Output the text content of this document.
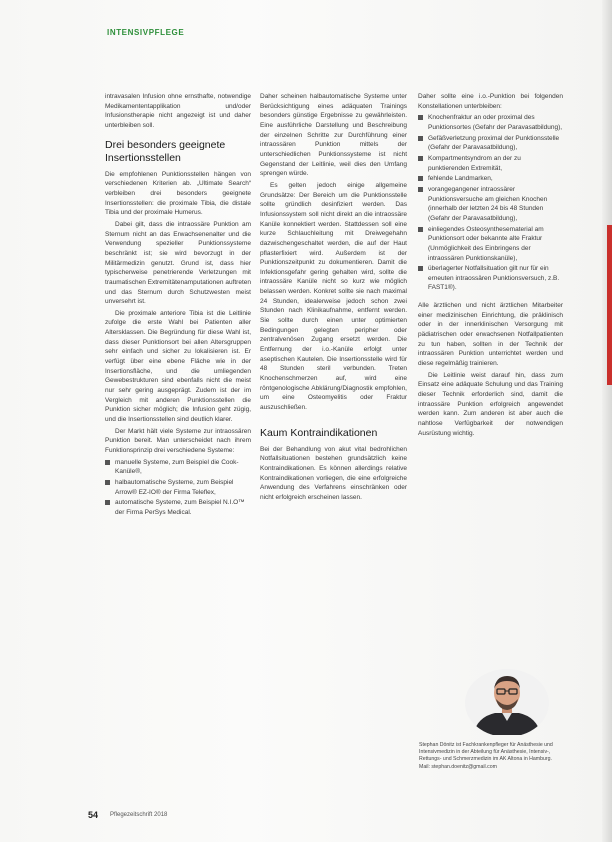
INTENSIVPFLEGE

intravasalen Infusion ohne ernsthafte, notwendige Medikamententapplikation und/oder Infusionstherapie nicht angezeigt ist und daher unterbleiben soll.

Drei besonders geeignete Insertionsstellen

Die empfohlenen Punktionsstellen hängen von verschiedenen Kriterien ab. „Ultimate Search“ verbleiben drei besonders geeignete Insertionsstellen: die proximale Tibia, die distale Tibia und der proximale Humerus.

Dabei gilt, dass die intraossäre Punktion am Sternum nicht an das Erwachsenenalter und die Verwendung spezieller Punktionssysteme beschränkt ist; sie wird bevorzugt in der Militärmedizin genutzt. Grund ist, dass hier typischerweise penetrierende Verletzungen mit traumatischen Extremitätenamputationen auftreten und das Sternum durch Schutzwesten meist unversehrt ist.

Die proximale anteriore Tibia ist die Leitlinie zufolge die erste Wahl bei Patienten aller Altersklassen. Die Begründung für diese Wahl ist, dass dieser Punktionsort bei allen Altersgruppen sehr einfach und sicher zu lokalisieren ist. Er verfügt über eine ebene Fläche wie in der Insertionsfläche, und die umliegenden Gewebestrukturen sind ebenfalls nicht die meist nur sehr gering ausgeprägt. Zudem ist der im Vergleich mit anderen Punktionsstellen die Punktion sicher möglich; die Infusion geht zügig, und die Insertionsstellen sind deutlich klarer.

Der Markt hält viele Systeme zur intraossären Punktion bereit. Man unterscheidet nach ihrem Funktionsprinzip drei verschiedene Systeme:

manuelle Systeme, zum Beispiel die Cook-Kanüle®,
halbautomatische Systeme, zum Beispiel Arrow® EZ-IO® der Firma Teleflex,
automatische Systeme, zum Beispiel N.I.O™ der Firma PerSys Medical.

Daher scheinen halbautomatische Systeme unter Berücksichtigung eines adäquaten Trainings besonders günstige Ergebnisse zu gewährleisten. Eine ausführliche Darstellung und Beschreibung der einzelnen Schritte zur Durchführung einer intraossären Punktion mittels der unterschiedlichen Punktionssysteme ist nicht Gegenstand der Leitlinie, weil dies den Umfang sprengen würde.

Es gelten jedoch einige allgemeine Grundsätze: Der Bereich um die Punktionsstelle sollte gründlich desinfiziert werden. Das Infusionssystem soll nicht direkt an die intraossäre Kanüle konnektiert werden. Stattdessen soll eine kurze Schlauchleitung mit Dreiwegehahn dazwischengeschaltet werden, die auf der Haut pflasterfixiert wird. Außerdem ist der Punktionszeitpunkt zu dokumentieren. Damit die Infektionsgefahr gering gehalten wird, sollte die intraossäre Kanüle nicht so kurz wie möglich belassen werden. Konkret sollte sie nach maximal 24 Stunden, idealerweise jedoch schon zwei Stunden nach Klinikaufnahme, entfernt werden. Sie sollte durch einen unter optimierten Bedingungen gelegten peripher oder zentralvenösen Zugang ersetzt werden. Die Entfernung der i.o.-Kanüle erfolgt unter aseptischen Kautelen. Die Insertionsstelle wird für 48 Stunden steril verbunden. Treten Knochenschmerzen auf, wird eine röntgenologische Abklärung/Diagnostik empfohlen, um eine Osteomyelitis oder Fraktur auszuschließen.

Kaum Kontraindikationen

Bei der Behandlung von akut vital bedrohlichen Notfallsituationen bestehen grundsätzlich keine Kontraindikationen. Es können allerdings relative Kontraindikationen vorliegen, die eine erfolgreiche Anwendung des Verfahrens einschränken oder nicht erfolgreich erscheinen lassen.

Daher sollte eine i.o.-Punktion bei folgenden Konstellationen unterbleiben:

Knochenfraktur an oder proximal des Punktionsortes (Gefahr der Paravasatbildung),
Gefäßverletzung proximal der Punktionsstelle (Gefahr der Paravasatbildung),
Kompartmentsyndrom an der zu punktierenden Extremität,
fehlende Landmarken,
vorangegangener intraossärer Punktionsversuche am gleichen Knochen (innerhalb der letzten 24 bis 48 Stunden (Gefahr der Paravasatbildung),
einliegendes Osteosynthesematerial am Punktionsort oder bekannte alte Fraktur (Unmöglichkeit des Einbringens der intraossären Punktionskanüle),
überlagerter Notfallsituation gilt nur für ein erneuten intraossären Punktionsversuch, z.B. FAST1®).

Alle ärztlichen und nicht ärztlichen Mitarbeiter einer medizinischen Einrichtung, die präklinisch oder in der innerklinischen Versorgung mit pädiatrischen oder erwachsenen Notfallpatienten zu tun haben, sollten in der Technik der intraossären Punktion unterrichtet werden und diese regelmäßig trainieren.

Die Leitlinie weist darauf hin, dass zum Einsatz eine adäquate Schulung und das Training dieser Technik erforderlich sind, damit die intraossäre Punktion erfolgreich angewendet werden kann. Zum anderen ist aber auch die nahtlose Verfügbarkeit der notwendigen Ausrüstung wichtig.

Stephan Dönitz ist Fachkrankenpfleger für Anästhesie und Intensivmedizin in der Abteilung für Anästhesie, Intensiv-, Rettungs- und Schmerzmedizin im AK Altona in Hamburg. Mail: stephan.doenitz@gmail.com
54 Pflegezeitschrift 2018
